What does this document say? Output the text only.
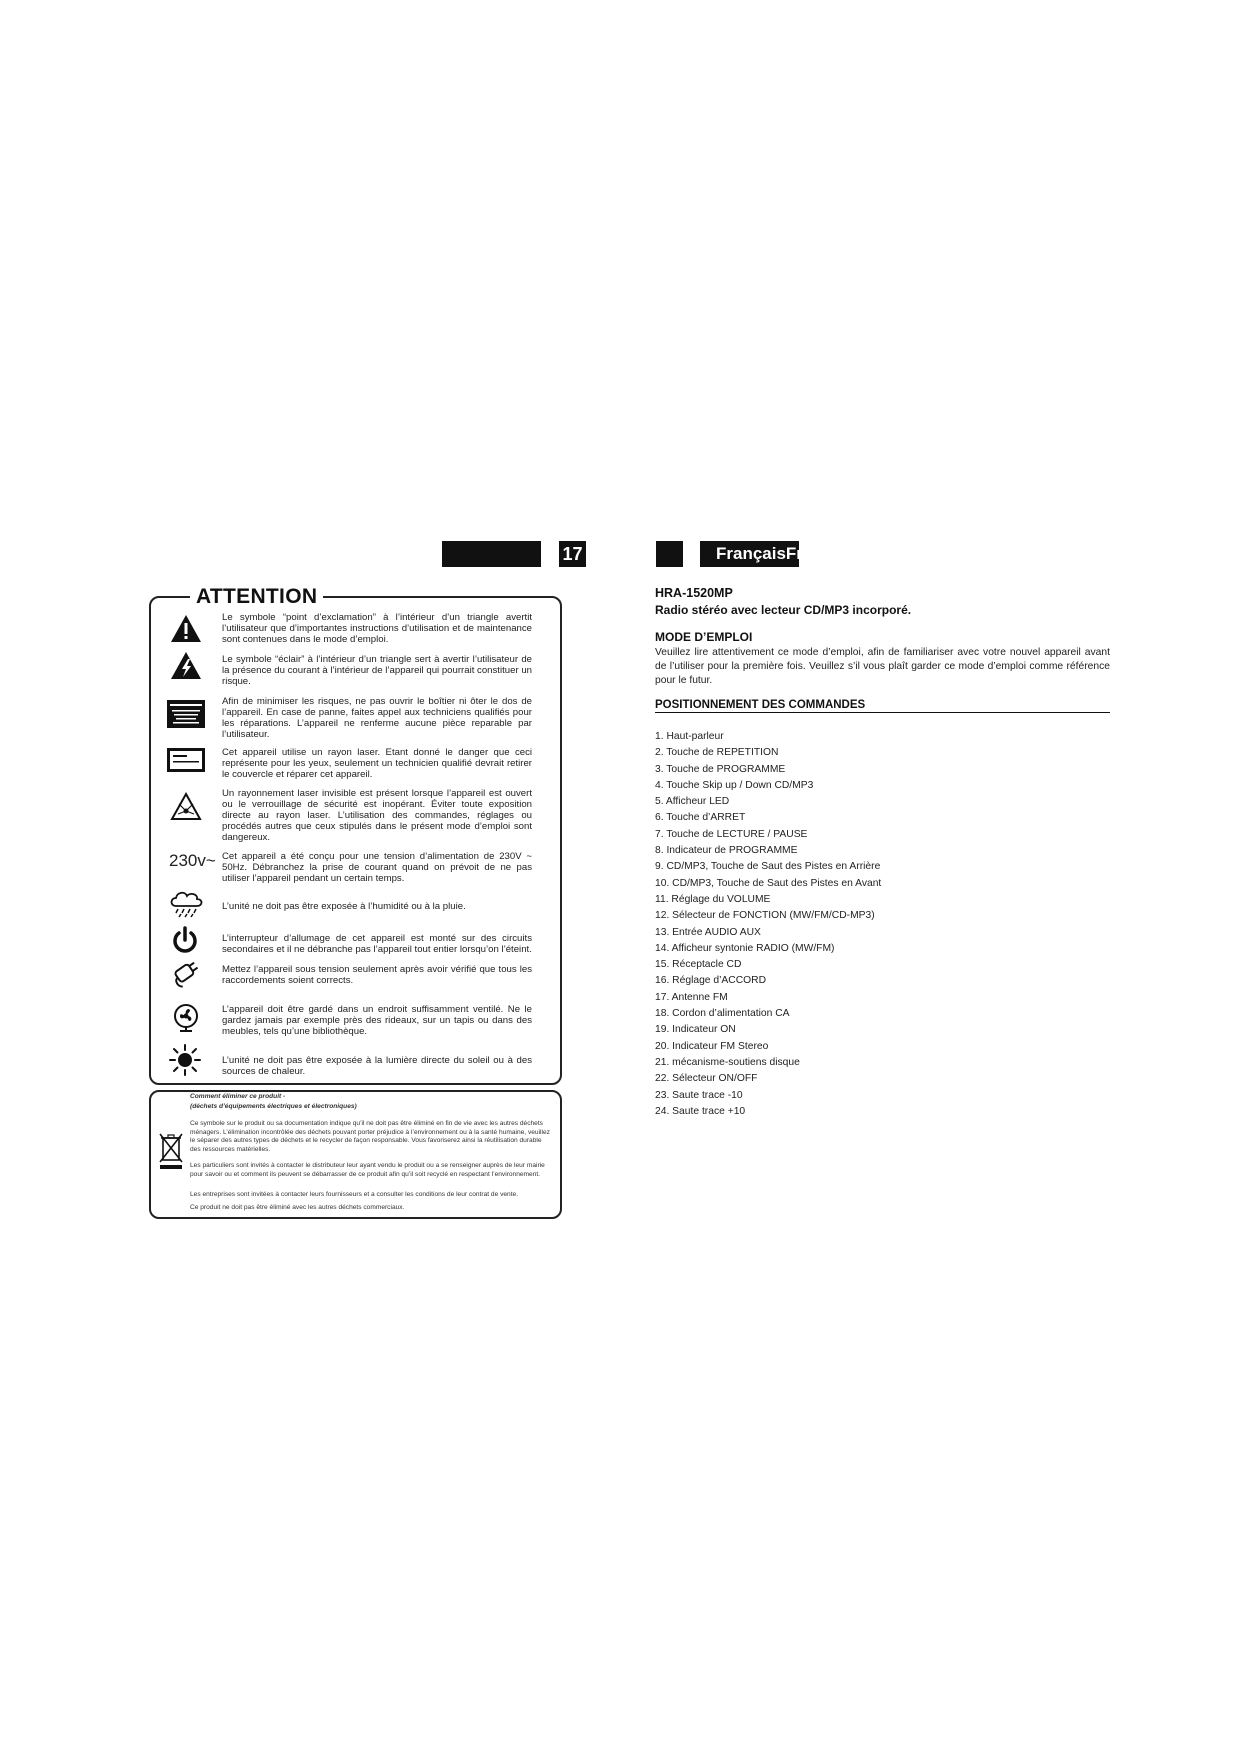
17	FrançaisFra
ATTENTION
230v~
Le symbole “point d’exclamation” à l’intérieur d’un triangle avertit l’utilisateur que d’importantes instructions d’utilisation et de maintenance sont contenues dans le mode d’emploi.
Le symbole “éclair” à l’intérieur d’un triangle sert à avertir l’utilisateur de la présence du courant à l’intérieur de l’appareil qui pourrait constituer un risque.
Afin de minimiser les risques, ne pas ouvrir le boîtier ni ôter le dos de l’appareil. En case de panne, faites appel aux techniciens qualifiés pour les réparations. L’appareil ne renferme aucune pièce reparable par l’utilisateur.
Cet appareil utilise un rayon laser. Etant donné le danger que ceci représente pour les yeux, seulement un technicien qualifié devrait retirer le couvercle et réparer cet appareil.
Un rayonnement laser invisible est présent lorsque l’appareil est ouvert ou le verrouillage de sécurité est inopérant. Éviter toute exposition directe au rayon laser. L’utilisation des commandes, réglages ou procédés autres que ceux stipulés dans le présent mode d’emploi sont dangereux.
Cet appareil a été conçu pour une tension d’alimentation de 230V ~ 50Hz. Débranchez la prise de courant quand on prévoit de ne pas utiliser l’appareil pendant un certain temps.
L’unité ne doit pas être exposée à l’humidité ou à la pluie.
L’interrupteur d’allumage de cet appareil est monté sur des circuits secondaires et il ne débranche pas l’appareil tout entier lorsqu’on l’éteint.
Mettez l’appareil sous tension seulement après avoir vérifié que tous les raccordements soient corrects.
L’appareil doit être gardé dans un endroit suffisamment ventilé. Ne le gardez jamais par exemple près des rideaux, sur un tapis ou dans des meubles, tels qu’une bibliothèque.
L’unité ne doit pas être exposée à la lumière directe du soleil ou à des sources de chaleur.
Comment éliminer ce produit -
(déchets d’équipements électriques et électroniques)
Ce symbole sur le produit ou sa documentation indique qu’il ne doit pas être éliminé en fin de vie avec les autres déchets ménagers. L’élimination incontrôlée des déchets pouvant porter préjudice à l’environnement ou à la santé humaine, veuillez le séparer des autres types de déchets et le recycler de façon responsable. Vous favoriserez ainsi la réutilisation durable des ressources matérielles.
Les particuliers sont invités à contacter le distributeur leur ayant vendu le produit ou a se renseigner auprès de leur mairie pour savoir ou et comment ils peuvent se débarrasser de ce produit afin qu’il soit recyclé en respectant l’environnement.
Les entreprises sont invitées à contacter leurs fournisseurs et a consulter les conditions de leur contrat de vente.
Ce produit ne doit pas être éliminé avec les autres déchets commerciaux.
HRA-1520MP
Radio stéréo avec lecteur CD/MP3 incorporé.
MODE D’EMPLOI
Veuillez lire attentivement ce mode d’emploi, afin de familiariser avec votre nouvel appareil avant de l’utiliser pour la première fois. Veuillez s’il vous plaît garder ce mode d’emploi comme référence pour le futur.
POSITIONNEMENT DES COMMANDES
1. Haut-parleur
2. Touche de REPETITION
3. Touche de PROGRAMME
4. Touche Skip up / Down CD/MP3
5. Afficheur LED
6. Touche d’ARRET
7. Touche de LECTURE / PAUSE
8. Indicateur de PROGRAMME
9. CD/MP3, Touche de Saut des Pistes en Arrière
10. CD/MP3, Touche de Saut des Pistes en Avant
11. Réglage du VOLUME
12. Sélecteur de FONCTION (MW/FM/CD-MP3)
13. Entrée AUDIO AUX
14. Afficheur syntonie RADIO (MW/FM)
15. Réceptacle CD
16. Réglage d’ACCORD
17. Antenne FM
18. Cordon d’alimentation CA
19. Indicateur ON
20. Indicateur FM Stereo
21. mécanisme-soutiens disque
22. Sélecteur ON/OFF
23. Saute trace -10
24. Saute trace +10
